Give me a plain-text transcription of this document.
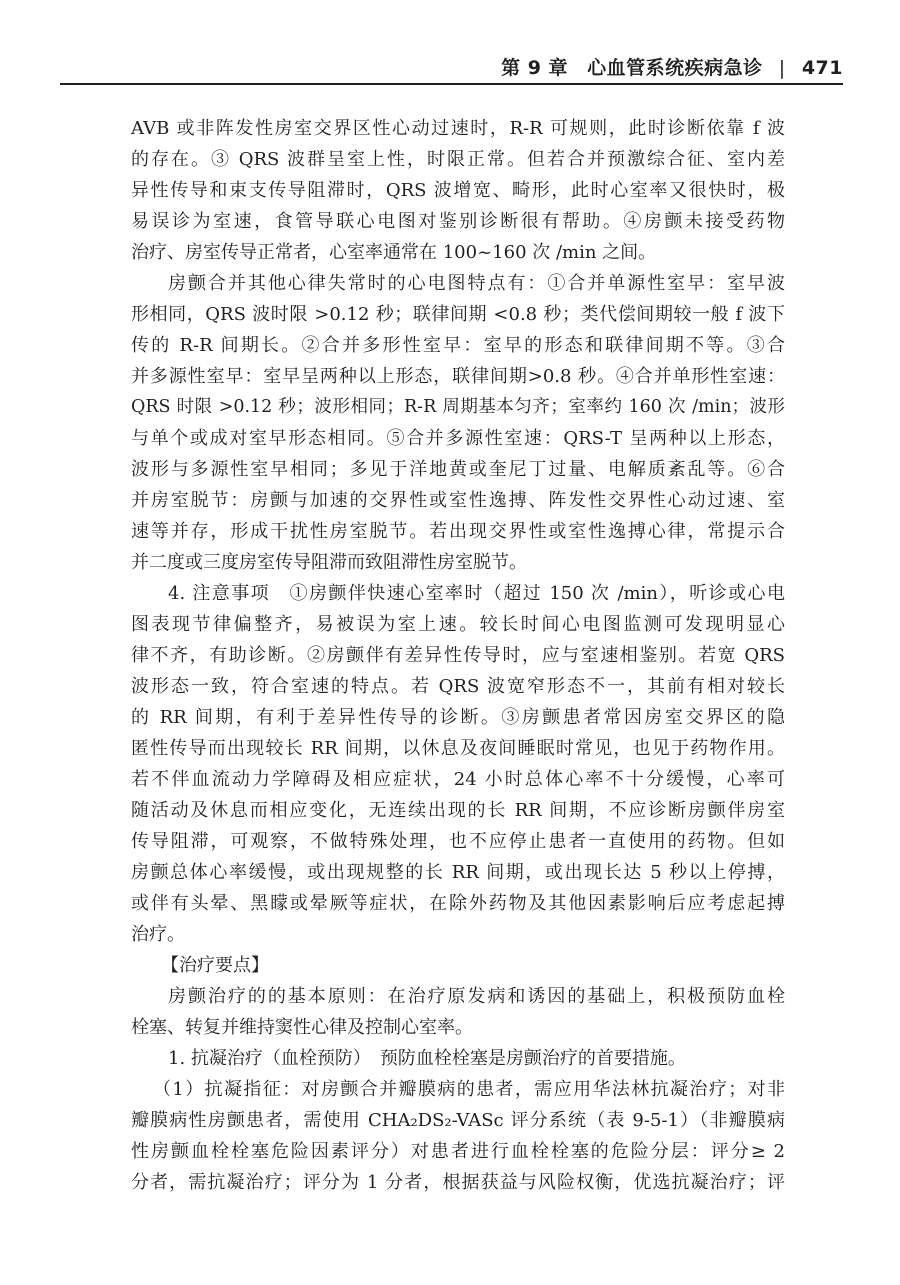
第 9 章 心血管系统疾病急诊 | 471
AVB 或非阵发性房室交界区性心动过速时，R-R 可规则，此时诊断依靠 f 波
的存在。③ QRS 波群呈室上性，时限正常。但若合并预激综合征、室内差
异性传导和束支传导阻滞时，QRS 波增宽、畸形，此时心室率又很快时，极
易误诊为室速，食管导联心电图对鉴别诊断很有帮助。④房颤未接受药物
治疗、房室传导正常者，心室率通常在 100~160 次 /min 之间。
房颤合并其他心律失常时的心电图特点有：①合并单源性室早：室早波
形相同，QRS 波时限 >0.12 秒；联律间期 <0.8 秒；类代偿间期较一般 f 波下
传的 R-R 间期长。②合并多形性室早：室早的形态和联律间期不等。③合
并多源性室早：室早呈两种以上形态，联律间期>0.8 秒。④合并单形性室速：
QRS 时限 >0.12 秒；波形相同；R-R 周期基本匀齐；室率约 160 次 /min；波形
与单个或成对室早形态相同。⑤合并多源性室速：QRS-T 呈两种以上形态，
波形与多源性室早相同；多见于洋地黄或奎尼丁过量、电解质紊乱等。⑥合
并房室脱节：房颤与加速的交界性或室性逸搏、阵发性交界性心动过速、室
速等并存，形成干扰性房室脱节。若出现交界性或室性逸搏心律，常提示合
并二度或三度房室传导阻滞而致阻滞性房室脱节。
4. 注意事项　①房颤伴快速心室率时（超过 150 次 /min），听诊或心电
图表现节律偏整齐，易被误为室上速。较长时间心电图监测可发现明显心
律不齐，有助诊断。②房颤伴有差异性传导时，应与室速相鉴别。若宽 QRS
波形态一致，符合室速的特点。若 QRS 波宽窄形态不一，其前有相对较长
的 RR 间期，有利于差异性传导的诊断。③房颤患者常因房室交界区的隐
匿性传导而出现较长 RR 间期，以休息及夜间睡眠时常见，也见于药物作用。
若不伴血流动力学障碍及相应症状，24 小时总体心率不十分缓慢，心率可
随活动及休息而相应变化，无连续出现的长 RR 间期，不应诊断房颤伴房室
传导阻滞，可观察，不做特殊处理，也不应停止患者一直使用的药物。但如
房颤总体心率缓慢，或出现规整的长 RR 间期，或出现长达 5 秒以上停搏，
或伴有头晕、黑矇或晕厥等症状，在除外药物及其他因素影响后应考虑起搏
治疗。
【治疗要点】
房颤治疗的的基本原则：在治疗原发病和诱因的基础上，积极预防血栓
栓塞、转复并维持窦性心律及控制心室率。
1. 抗凝治疗（血栓预防）　预防血栓栓塞是房颤治疗的首要措施。
（1）抗凝指征：对房颤合并瓣膜病的患者，需应用华法林抗凝治疗；对非
瓣膜病性房颤患者，需使用 CHA₂DS₂-VASc 评分系统（表 9-5-1）（非瓣膜病
性房颤血栓栓塞危险因素评分）对患者进行血栓栓塞的危险分层：评分≥ 2
分者，需抗凝治疗；评分为 1 分者，根据获益与风险权衡，优选抗凝治疗；评
